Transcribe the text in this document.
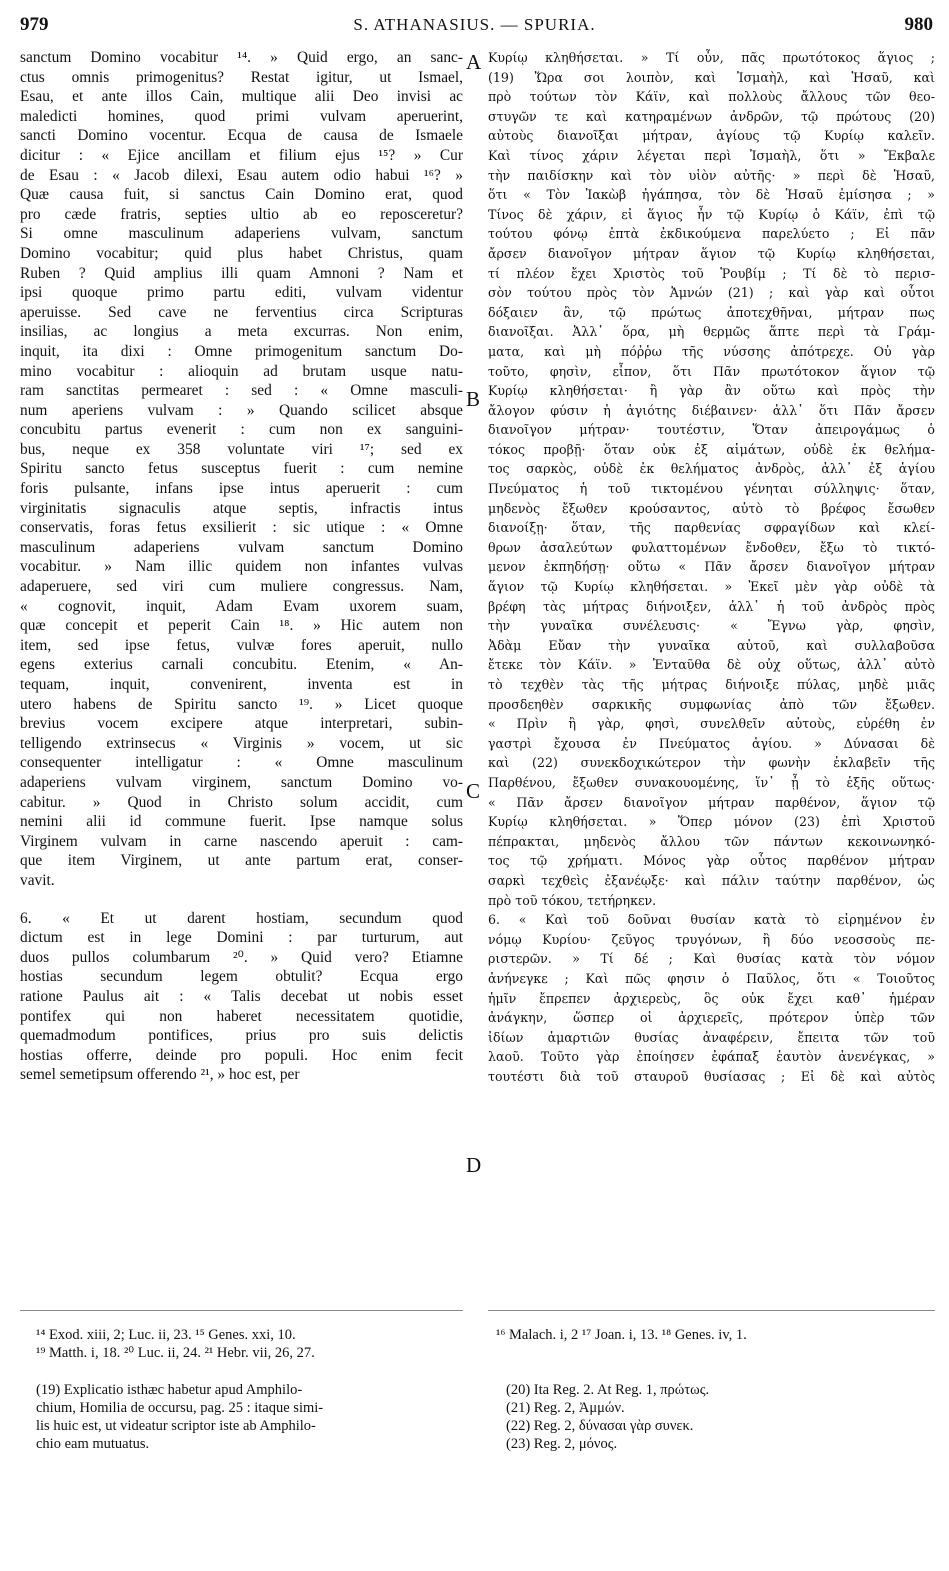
979	S. ATHANASIUS. — SPURIA.	980
sanctum Domino vocabitur ¹⁴. » Quid ergo, an sanc-
ctus omnis primogenitus? Restat igitur, ut Ismael,
Esau, et ante illos Cain, multique alii Deo invisi ac
maledicti homines, quod primi vulvam aperuerint,
sancti Domino vocentur. Ecqua de causa de Ismaele
dicitur : « Ejice ancillam et filium ejus ¹⁵? » Cur
de Esau : « Jacob dilexi, Esau autem odio habui ¹⁶? »
Quæ causa fuit, si sanctus Cain Domino erat, quod
pro cæde fratris, septies ultio ab eo reposceretur?
Si omne masculinum adaperiens vulvam, sanctum
Domino vocabitur; quid plus habet Christus, quam
Ruben ? Quid amplius illi quam Amnoni ? Nam et
ipsi quoque primo partu editi, vulvam videntur
aperuisse. Sed cave ne ferventius circa Scripturas
insilias, ac longius a meta excurras. Non enim,
inquit, ita dixi : Omne primogenitum sanctum Do-
mino vocabitur : alioquin ad brutam usque natu-
ram sanctitas permearet : sed : « Omne masculi-
num aperiens vulvam : » Quando scilicet absque
concubitu partus evenerit : cum non ex sanguini-
bus, neque ex 358 voluntate viri ¹⁷; sed ex
Spiritu sancto fetus susceptus fuerit : cum nemine
foris pulsante, infans ipse intus aperuerit : cum
virginitatis signaculis atque septis, infractis intus
conservatis, foras fetus exsilierit : sic utique : « Omne
masculinum adaperiens vulvam sanctum Domino
vocabitur. » Nam illic quidem non infantes vulvas
adaperuere, sed viri cum muliere congressus. Nam,
« cognovit, inquit, Adam Evam uxorem suam,
quæ concepit et peperit Cain ¹⁸. » Hic autem non
item, sed ipse fetus, vulvæ fores aperuit, nullo
egens exterius carnali concubitu. Etenim, « An-
tequam, inquit, convenirent, inventa est in
utero habens de Spiritu sancto ¹⁹. » Licet quoque
brevius vocem excipere atque interpretari, subin-
telligendo extrinsecus « Virginis » vocem, ut sic
consequenter intelligatur : « Omne masculinum
adaperiens vulvam virginem, sanctum Domino vo-
cabitur. » Quod in Christo solum accidit, cum
nemini alii id commune fuerit. Ipse namque solus
Virginem vulvam in carne nascendo aperuit : cam-
que item Virginem, ut ante partum erat, conser-
vavit.
6. « Et ut darent hostiam, secundum quod
dictum est in lege Domini : par turturum, aut
duos pullos columbarum ²⁰. » Quid vero? Etiamne
hostias secundum legem obtulit? Ecqua ergo
ratione Paulus ait : « Talis decebat ut nobis esset
pontifex qui non haberet necessitatem quotidie,
quemadmodum pontifices, prius pro suis delictis
hostias offerre, deinde pro populi. Hoc enim fecit
semel semetipsum offerendo ²¹, » hoc est, per
Κυρίῳ κληθήσεται. » Τί οὖν, πᾶς πρωτότοκος ἅγιος ;
(19) Ὥρα σοι λοιπὸν, καὶ Ἰσμαὴλ, καὶ Ἡσαῦ, καὶ
πρὸ τούτων τὸν Κάϊν, καὶ πολλοὺς ἄλλους τῶν θεο-
στυγῶν τε καὶ κατηραμένων ἀνδρῶν, τῷ πρώτους (20)
αὐτοὺς διανοῖξαι μήτραν, ἁγίους τῷ Κυρίῳ καλεῖν.
Καὶ τίνος χάριν λέγεται περὶ Ἰσμαὴλ, ὅτι » Ἔκβαλε
τὴν παιδίσκην καὶ τὸν υἱὸν αὐτῆς· » περὶ δὲ Ἡσαῦ,
ὅτι « Τὸν Ἰακὼβ ἠγάπησα, τὸν δὲ Ἡσαῦ ἐμίσησα ; »
Τίνος δὲ χάριν, εἰ ἅγιος ἦν τῷ Κυρίῳ ὁ Κάϊν, ἐπὶ τῷ
τούτου φόνῳ ἑπτὰ ἐκδικούμενα παρελύετο ; Εἰ πᾶν
ἄρσεν διανοῖγον μήτραν ἅγιον τῷ Κυρίῳ κληθήσεται,
τί πλέον ἔχει Χριστὸς τοῦ Ῥουβίμ ; Τί δὲ τὸ περισ-
σὸν τούτου πρὸς τὸν Ἀμνών (21) ; καὶ γὰρ καὶ οὗτοι
δόξαιεν ἂν, τῷ πρώτως ἀποτεχθῆναι, μήτραν πως
διανοῖξαι. Ἀλλ᾽ ὅρα, μὴ θερμῶς ἅπτε περὶ τὰ Γράμ-
ματα, καὶ μὴ πόῤῥω τῆς νύσσης ἀπότρεχε. Οὐ γὰρ
τοῦτο, φησὶν, εἶπον, ὅτι Πᾶν πρωτότοκον ἅγιον τῷ
Κυρίῳ κληθήσεται· ἢ γὰρ ἂν οὕτω καὶ πρὸς τὴν
ἄλογον φύσιν ἡ ἁγιότης διέβαινεν· ἀλλ᾽ ὅτι Πᾶν ἄρσεν
διανοῖγον μήτραν· τουτέστιν, Ὅταν ἀπειρογάμως ὁ
τόκος προβῇ· ὅταν οὐκ ἐξ αἱμάτων, οὐδὲ ἐκ θελήμα-
τος σαρκὸς, οὐδὲ ἐκ θελήματος ἀνδρὸς, ἀλλ᾽ ἐξ ἁγίου
Πνεύματος ἡ τοῦ τικτομένου γένηται σύλληψις· ὅταν,
μηδενὸς ἔξωθεν κρούσαντος, αὐτὸ τὸ βρέφος ἔσωθεν
διανοίξῃ· ὅταν, τῆς παρθενίας σφραγίδων καὶ κλεί-
θρων ἀσαλεύτων φυλαττομένων ἔνδοθεν, ἔξω τὸ τικτό-
μενον ἐκπηδήσῃ· οὕτω « Πᾶν ἄρσεν διανοῖγον μήτραν
ἅγιον τῷ Κυρίῳ κληθήσεται. » Ἐκεῖ μὲν γὰρ οὐδὲ τὰ
βρέφη τὰς μήτρας διήνοιξεν, ἀλλ᾽ ἡ τοῦ ἀνδρὸς πρὸς
τὴν γυναῖκα συνέλευσις· « Ἔγνω γὰρ, φησὶν,
Ἀδὰμ Εὔαν τὴν γυναῖκα αὐτοῦ, καὶ συλλαβοῦσα
ἔτεκε τὸν Κάϊν. » Ἐνταῦθα δὲ οὐχ οὕτως, ἀλλ᾽ αὐτὸ
τὸ τεχθὲν τὰς τῆς μήτρας διήνοιξε πύλας, μηδὲ μιᾶς
προσδεηθὲν σαρκικῆς συμφωνίας ἀπὸ τῶν ἔξωθεν.
« Πρὶν ἢ γὰρ, φησὶ, συνελθεῖν αὐτοὺς, εὑρέθη ἐν
γαστρὶ ἔχουσα ἐν Πνεύματος ἁγίου. » Δύνασαι δὲ
καὶ (22) συνεκδοχικώτερον τὴν φωνὴν ἐκλαβεῖν τῆς
Παρθένου, ἔξωθεν συνακουομένης, ἵν᾽ ᾖ τὸ ἑξῆς οὕτως·
« Πᾶν ἄρσεν διανοῖγον μήτραν παρθένον, ἅγιον τῷ
Κυρίῳ κληθήσεται. » Ὅπερ μόνον (23) ἐπὶ Χριστοῦ
πέπρακται, μηδενὸς ἄλλου τῶν πάντων κεκοινωνηκό-
τος τῷ χρήματι. Μόνος γὰρ οὗτος παρθένον μήτραν
σαρκὶ τεχθεὶς ἐξανέῳξε· καὶ πάλιν ταύτην παρθένον, ὡς
πρὸ τοῦ τόκου, τετήρηκεν.
6. « Καὶ τοῦ δοῦναι θυσίαν κατὰ τὸ εἰρημένον ἐν
νόμῳ Κυρίου· ζεῦγος τρυγόνων, ἢ δύο νεοσσοὺς πε-
ριστερῶν. » Τί δέ ; Καὶ θυσίας κατὰ τὸν νόμον
ἀνήνεγκε ; Καὶ πῶς φησιν ὁ Παῦλος, ὅτι « Τοιοῦτος
ἡμῖν ἔπρεπεν ἀρχιερεὺς, ὃς οὐκ ἔχει καθ᾽ ἡμέραν
ἀνάγκην, ὥσπερ οἱ ἀρχιερεῖς, πρότερον ὑπὲρ τῶν
ἰδίων ἁμαρτιῶν θυσίας ἀναφέρειν, ἔπειτα τῶν τοῦ
λαοῦ. Τοῦτο γὰρ ἐποίησεν ἐφάπαξ ἑαυτὸν ἀνενέγκας, »
τουτέστι διὰ τοῦ σταυροῦ θυσίασας ; Εἰ δὲ καὶ αὐτὸς
A
B
C
D
¹⁴ Exod. xiii, 2; Luc. ii, 23. ¹⁵ Genes. xxi, 10.
¹⁹ Matth. i, 18. ²⁰ Luc. ii, 24. ²¹ Hebr. vii, 26, 27.
¹⁶ Malach. i, 2 ¹⁷ Joan. i, 13. ¹⁸ Genes. iv, 1.
(19) Explicatio isthæc habetur apud Amphilo-
chium, Homilia de occursu, pag. 25 : itaque simi-
lis huic est, ut videatur scriptor iste ab Amphilo-
chio eam mutuatus.
(20) Ita Reg. 2. At Reg. 1, πρώτως.
(21) Reg. 2, Ἀμμών.
(22) Reg. 2, δύνασαι γὰρ συνεκ.
(23) Reg. 2, μόνος.
